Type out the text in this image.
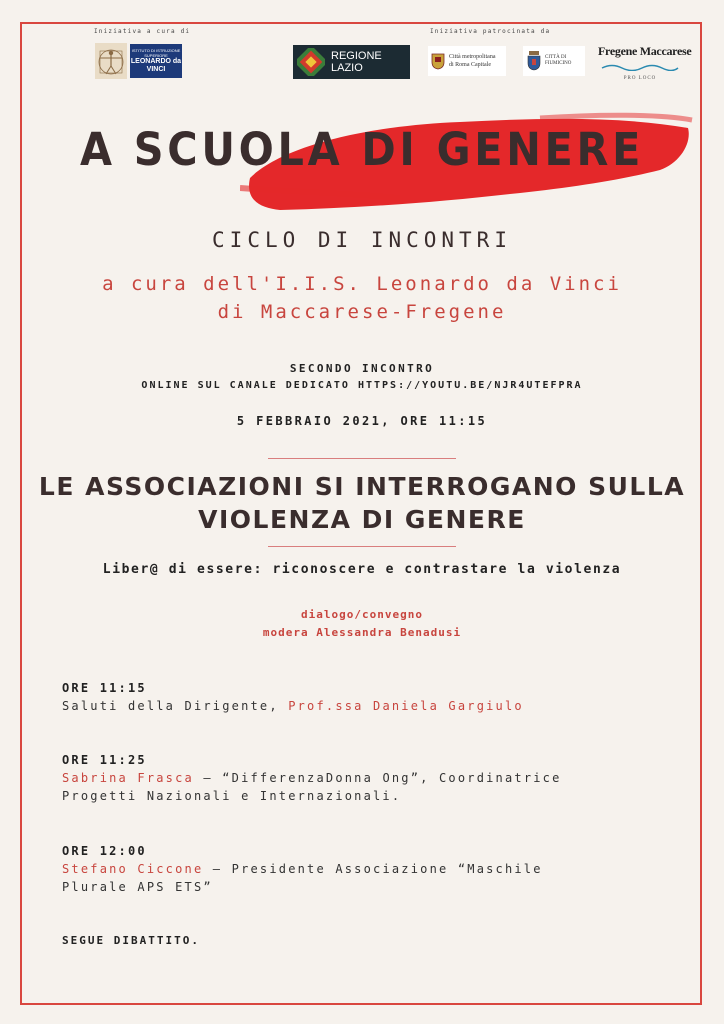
Iniziativa a cura di	Iniziativa patrocinata da
ISTITUTO DI ISTRUZIONE SUPERIORE
LEONARDO da VINCI
REGIONE
LAZIO
Città metropolitana
di Roma Capitale
CITTÀ DI
FIUMICINO
Fregene Maccarese
PRO LOCO
A SCUOLA DI GENERE
CICLO DI INCONTRI
a cura dell'I.I.S. Leonardo da Vinci
di Maccarese-Fregene
SECONDO INCONTRO
ONLINE SUL CANALE DEDICATO HTTPS://YOUTU.BE/NJR4UTEFPRA
5 FEBBRAIO 2021, ORE 11:15
LE ASSOCIAZIONI SI INTERROGANO SULLA
VIOLENZA DI GENERE
Liber@ di essere: riconoscere e contrastare la violenza
dialogo/convegno
modera Alessandra Benadusi
ORE 11:15
Saluti della Dirigente, Prof.ssa Daniela Gargiulo
ORE 11:25
Sabrina Frasca – “DifferenzaDonna Ong”, Coordinatrice
Progetti Nazionali e Internazionali.
ORE 12:00
Stefano Ciccone – Presidente Associazione “Maschile
Plurale APS ETS”
SEGUE DIBATTITO.
